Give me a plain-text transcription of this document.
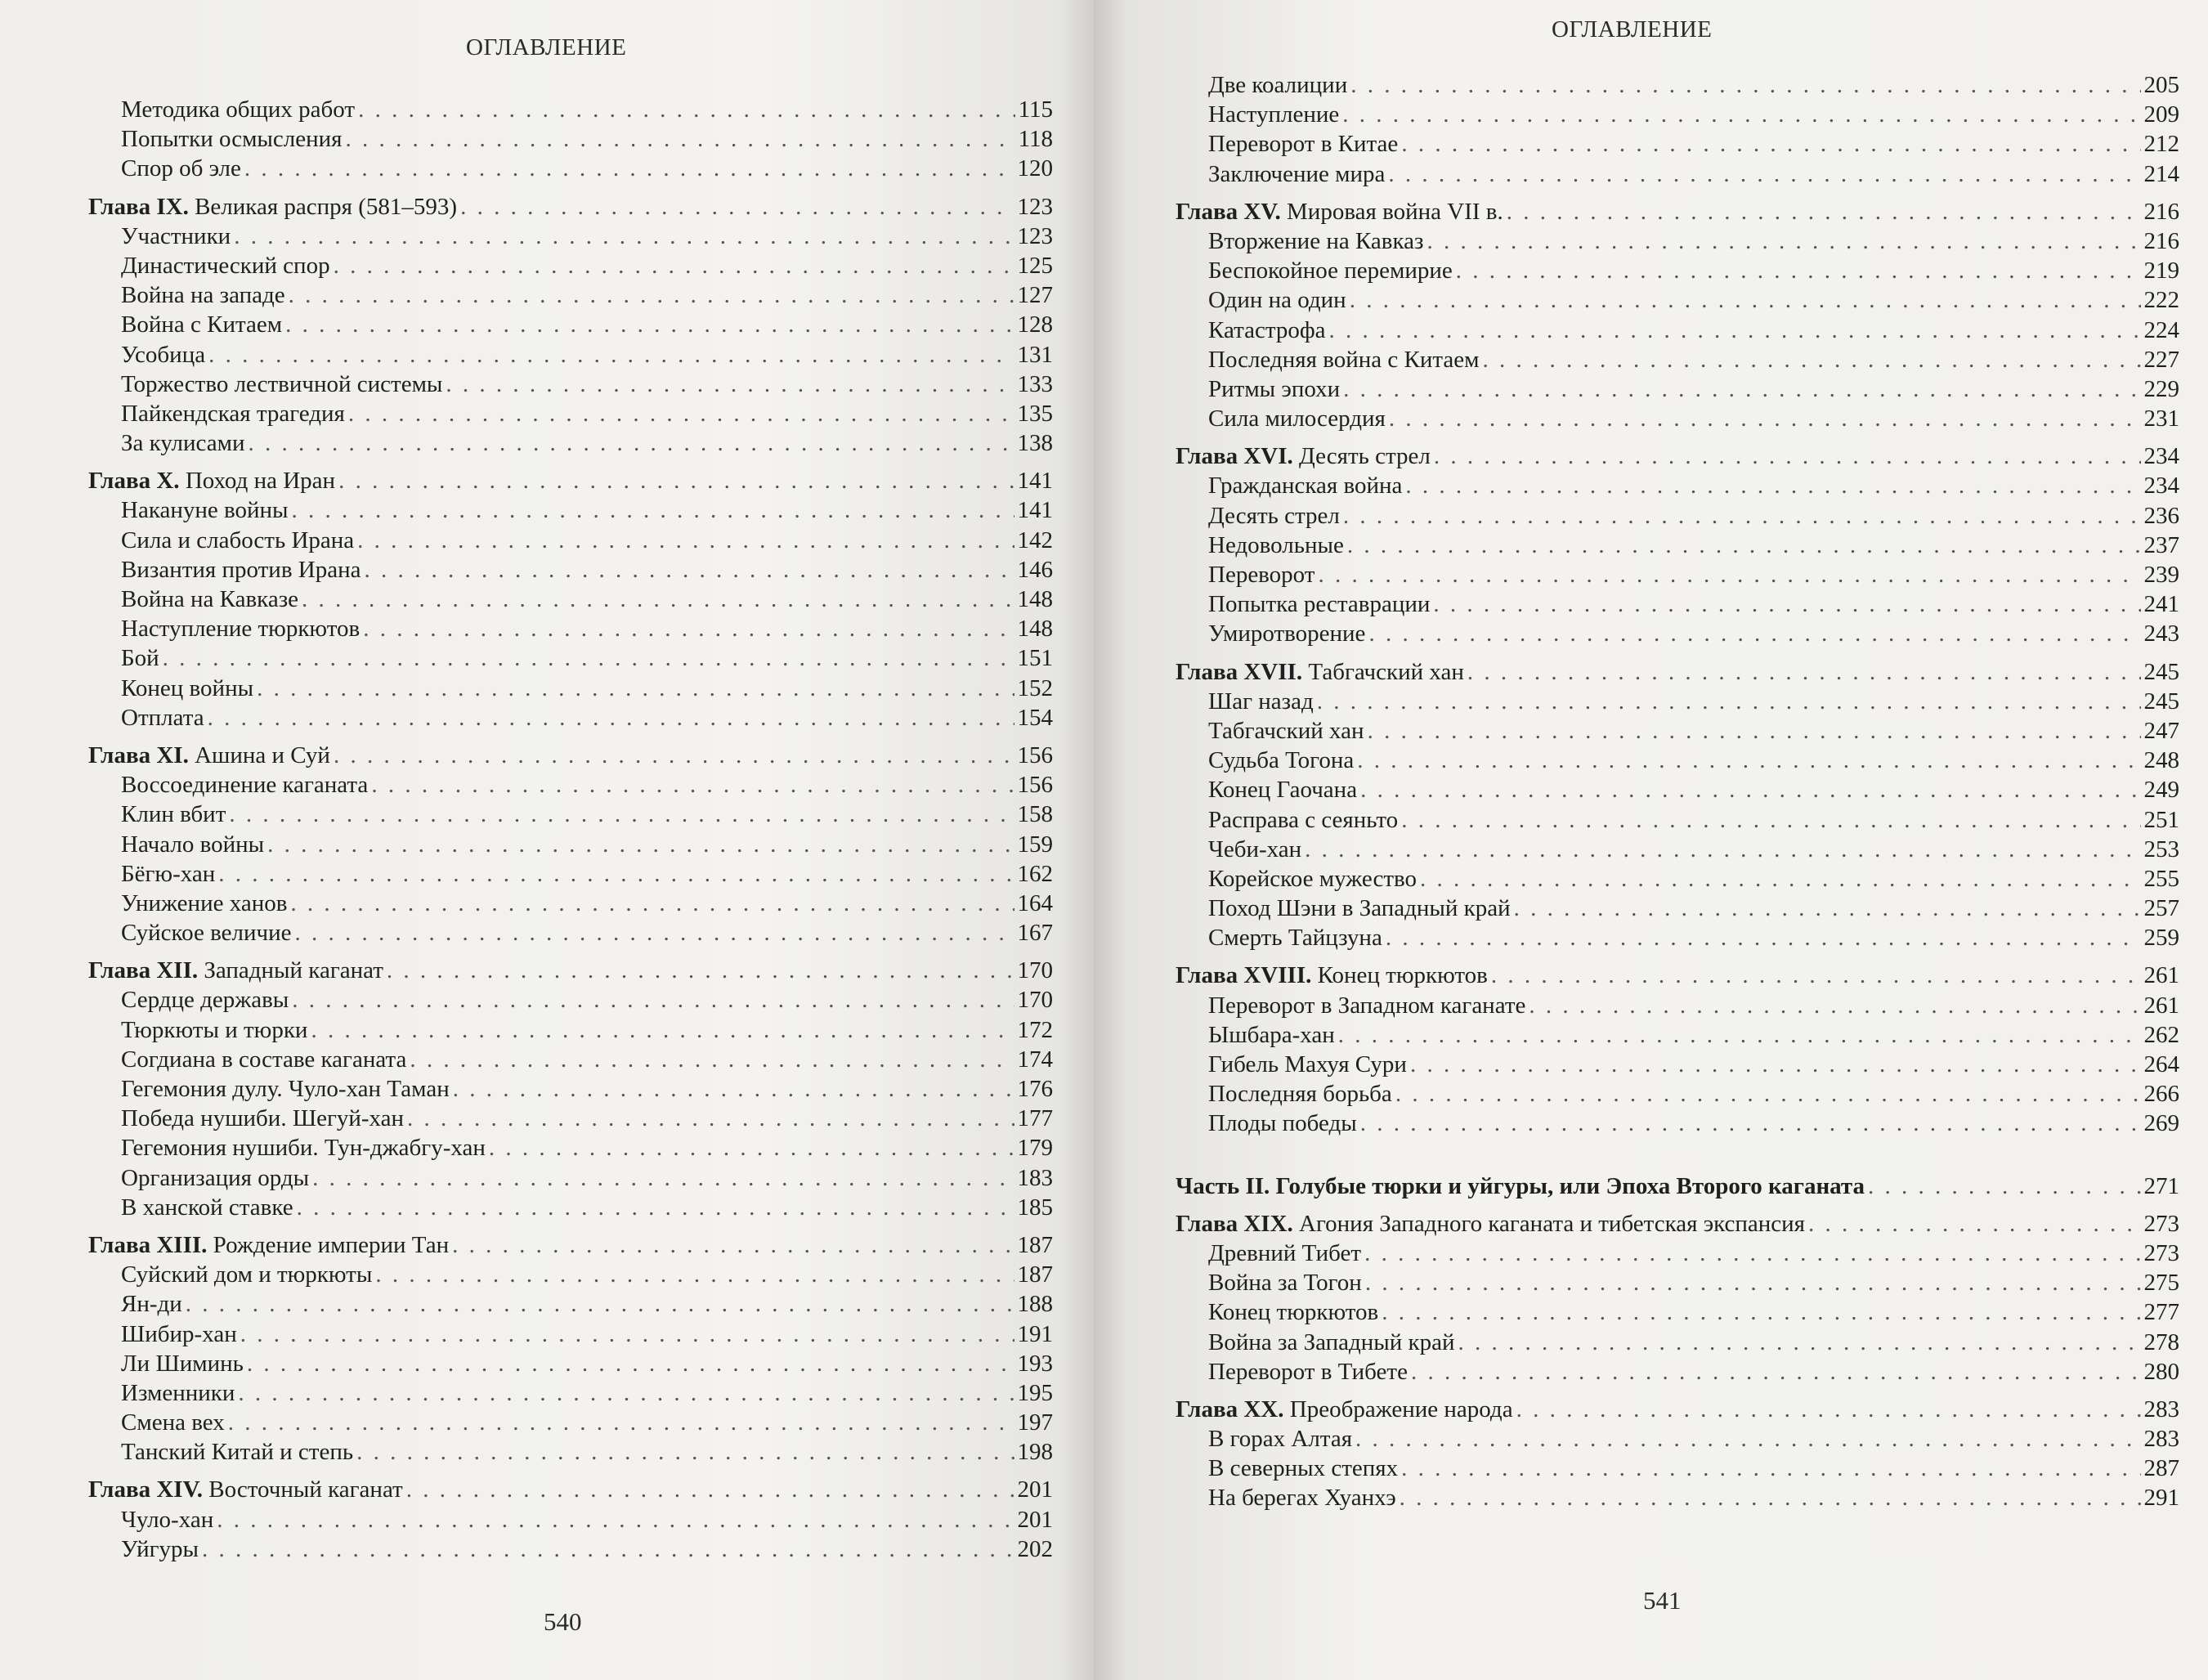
ОГЛАВЛЕНИЕ
Методика общих работ . . .	115
Попытки осмысления . . .	118
Спор об эле . . .	120
Глава IX. Великая распря (581–593) . . .	123
Участники . . .	123
Династический спор . . .	125
Война на западе . . .	127
Война с Китаем . . .	128
Усобица . . .	131
Торжество лествичной системы . . .	133
Пайкендская трагедия . . .	135
За кулисами . . .	138
Глава X. Поход на Иран . . .	141
Накануне войны . . .	141
Сила и слабость Ирана . . .	142
Византия против Ирана . . .	146
Война на Кавказе . . .	148
Наступление тюркютов . . .	148
Бой . . .	151
Конец войны . . .	152
Отплата . . .	154
Глава XI. Ашина и Суй . . .	156
Воссоединение каганата . . .	156
Клин вбит . . .	158
Начало войны . . .	159
Бёгю-хан . . .	162
Унижение ханов . . .	164
Суйское величие . . .	167
Глава XII. Западный каганат . . .	170
Сердце державы . . .	170
Тюркюты и тюрки . . .	172
Согдиана в составе каганата . . .	174
Гегемония дулу. Чуло-хан Таман . . .	176
Победа нушиби. Шегуй-хан . . .	177
Гегемония нушиби. Тун-джабгу-хан . . .	179
Организация орды . . .	183
В ханской ставке . . .	185
Глава XIII. Рождение империи Тан . . .	187
Суйский дом и тюркюты . . .	187
Ян-ди . . .	188
Шибир-хан . . .	191
Ли Шиминь . . .	193
Изменники . . .	195
Смена вех . . .	197
Танский Китай и степь . . .	198
Глава XIV. Восточный каганат . . .	201
Чуло-хан . . .	201
Уйгуры . . .	202
540
ОГЛАВЛЕНИЕ
Две коалиции . . .	205
Наступление . . .	209
Переворот в Китае . . .	212
Заключение мира . . .	214
Глава XV. Мировая война VII в. . . .	216
Вторжение на Кавказ . . .	216
Беспокойное перемирие . . .	219
Один на один . . .	222
Катастрофа . . .	224
Последняя война с Китаем . . .	227
Ритмы эпохи . . .	229
Сила милосердия . . .	231
Глава XVI. Десять стрел . . .	234
Гражданская война . . .	234
Десять стрел . . .	236
Недовольные . . .	237
Переворот . . .	239
Попытка реставрации . . .	241
Умиротворение . . .	243
Глава XVII. Табгачский хан . . .	245
Шаг назад . . .	245
Табгачский хан . . .	247
Судьба Тогона . . .	248
Конец Гаочана . . .	249
Расправа с сеяньто . . .	251
Чеби-хан . . .	253
Корейское мужество . . .	255
Поход Шэни в Западный край . . .	257
Смерть Тайцзуна . . .	259
Глава XVIII. Конец тюркютов . . .	261
Переворот в Западном каганате . . .	261
Ышбара-хан . . .	262
Гибель Махуя Сури . . .	264
Последняя борьба . . .	266
Плоды победы . . .	269
Часть II. Голубые тюрки и уйгуры, или Эпоха Второго каганата . . .	271
Глава XIX. Агония Западного каганата и тибетская экспансия . . .	273
Древний Тибет . . .	273
Война за Тогон . . .	275
Конец тюркютов . . .	277
Война за Западный край . . .	278
Переворот в Тибете . . .	280
Глава XX. Преображение народа . . .	283
В горах Алтая . . .	283
В северных степях . . .	287
На берегах Хуанхэ . . .	291
541
